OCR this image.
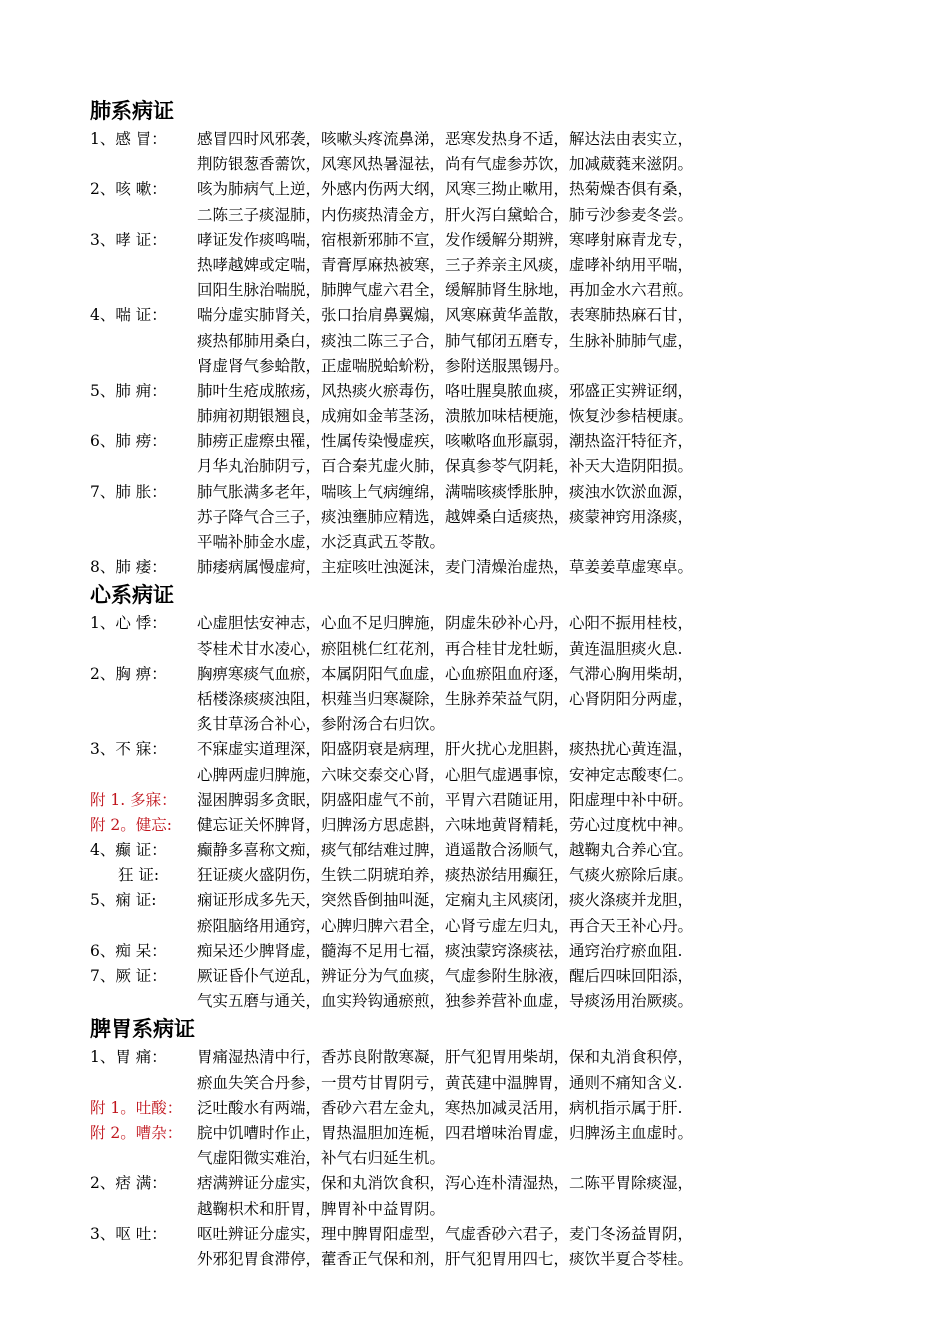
肺系病证
1、感 冒：	感冒四时风邪袭，咳嗽头疼流鼻涕，恶寒发热身不适，解达法由表实立，
荆防银葱香薷饮，风寒风热暑湿祛，尚有气虚参苏饮，加减葳蕤来滋阴。
2、咳 嗽：	咳为肺病气上逆，外感内伤两大纲，风寒三拗止嗽用，热菊燥杏俱有桑，
二陈三子痰湿肺，内伤痰热清金方，肝火泻白黛蛤合，肺亏沙参麦冬尝。
3、哮 证：	哮证发作痰鸣喘，宿根新邪肺不宣，发作缓解分期辨，寒哮射麻青龙专，
热哮越婢或定喘，青膏厚麻热被寒，三子养亲主风痰，虚哮补纳用平喘，
回阳生脉治喘脱，肺脾气虚六君全，缓解肺肾生脉地，再加金水六君煎。
4、喘 证：	喘分虚实肺肾关，张口抬肩鼻翼煽，风寒麻黄华盖散，表寒肺热麻石甘，
痰热郁肺用桑白，痰浊二陈三子合，肺气郁闭五磨专，生脉补肺肺气虚，
肾虚肾气参蛤散，正虚喘脱蛤蚧粉，参附送服黑锡丹。
5、肺 痈：	肺叶生疮成脓疡，风热痰火瘀毒伤，咯吐腥臭脓血痰，邪盛正实辨证纲，
肺痈初期银翘良，成痈如金苇茎汤，溃脓加味桔梗施，恢复沙参桔梗康。
6、肺 痨：	肺痨正虚瘵虫罹，性属传染慢虚疾，咳嗽咯血形羸弱，潮热盗汗特征齐，
月华丸治肺阴亏，百合秦艽虚火肺，保真参苓气阴耗，补天大造阴阳损。
7、肺 胀：	肺气胀满多老年，喘咳上气病缠绵，满喘咳痰悸胀肿，痰浊水饮淤血源，
苏子降气合三子，痰浊壅肺应精选，越婢桑白适痰热，痰蒙神窍用涤痰，
平喘补肺金水虚，水泛真武五苓散。
8、肺 痿：	肺痿病属慢虚疴，主症咳吐浊涎沫，麦门清燥治虚热，草姜姜草虚寒卓。
心系病证
1、心 悸：	心虚胆怯安神志，心血不足归脾施，阴虚朱砂补心丹，心阳不振用桂枝，
苓桂术甘水凌心，瘀阻桃仁红花剂，再合桂甘龙牡蛎，黄连温胆痰火息.
2、胸 痹：	胸痹寒痰气血瘀，本属阴阳气血虚，心血瘀阻血府逐，气滞心胸用柴胡，
栝楼涤痰痰浊阻，枳薤当归寒凝除，生脉养荣益气阴，心肾阴阳分两虚，
炙甘草汤合补心，参附汤合右归饮。
3、不 寐：	不寐虚实道理深，阳盛阴衰是病理，肝火扰心龙胆斟，痰热扰心黄连温，
心脾两虚归脾施，六味交泰交心肾，心胆气虚遇事惊，安神定志酸枣仁。
附 1. 多寐：	湿困脾弱多贪眠，阴盛阳虚气不前，平胃六君随证用，阳虚理中补中研。
附 2。健忘:	健忘证关怀脾肾，归脾汤方思虑斟，六味地黄肾精耗，劳心过度枕中神。
4、癫 证：	癫静多喜称文痴，痰气郁结难过脾，逍遥散合汤顺气，越鞠丸合养心宜。
狂 证:	狂证痰火盛阴伤，生铁二阴琥珀养，痰热淤结用癫狂，气痰火瘀除后康。
5、痫 证:	痫证形成多先天，突然昏倒抽叫涎，定痫丸主风痰闭，痰火涤痰并龙胆，
瘀阻脑络用通窍，心脾归脾六君全，心肾亏虚左归丸，再合天王补心丹。
6、痴 呆：	痴呆还少脾肾虚，髓海不足用七福，痰浊蒙窍涤痰祛，通窍治疗瘀血阻.
7、厥 证：	厥证昏仆气逆乱，辨证分为气血痰，气虚参附生脉液，醒后四味回阳添，
气实五磨与通关，血实羚钩通瘀煎，独参养营补血虚，导痰汤用治厥痰。
脾胃系病证
1、胃 痛：	胃痛湿热清中行，香苏良附散寒凝，肝气犯胃用柴胡，保和丸消食积停，
瘀血失笑合丹参，一贯芍甘胃阴亏，黄芪建中温脾胃，通则不痛知含义.
附 1。吐酸： 泛吐酸水有两端，香砂六君左金丸，寒热加减灵活用，病机指示属于肝.
附 2。嘈杂： 脘中饥嘈时作止，胃热温胆加连栀，四君增味治胃虚，归脾汤主血虚时。
气虚阳微实难治，补气右归延生机。
2、痞 满：	痞满辨证分虚实，保和丸消饮食积，泻心连朴清湿热，二陈平胃除痰湿，
越鞠枳术和肝胃，脾胃补中益胃阴。
3、呕 吐：	呕吐辨证分虚实，理中脾胃阳虚型，气虚香砂六君子，麦门冬汤益胃阴，
外邪犯胃食滞停，藿香正气保和剂，肝气犯胃用四七，痰饮半夏合苓桂。
